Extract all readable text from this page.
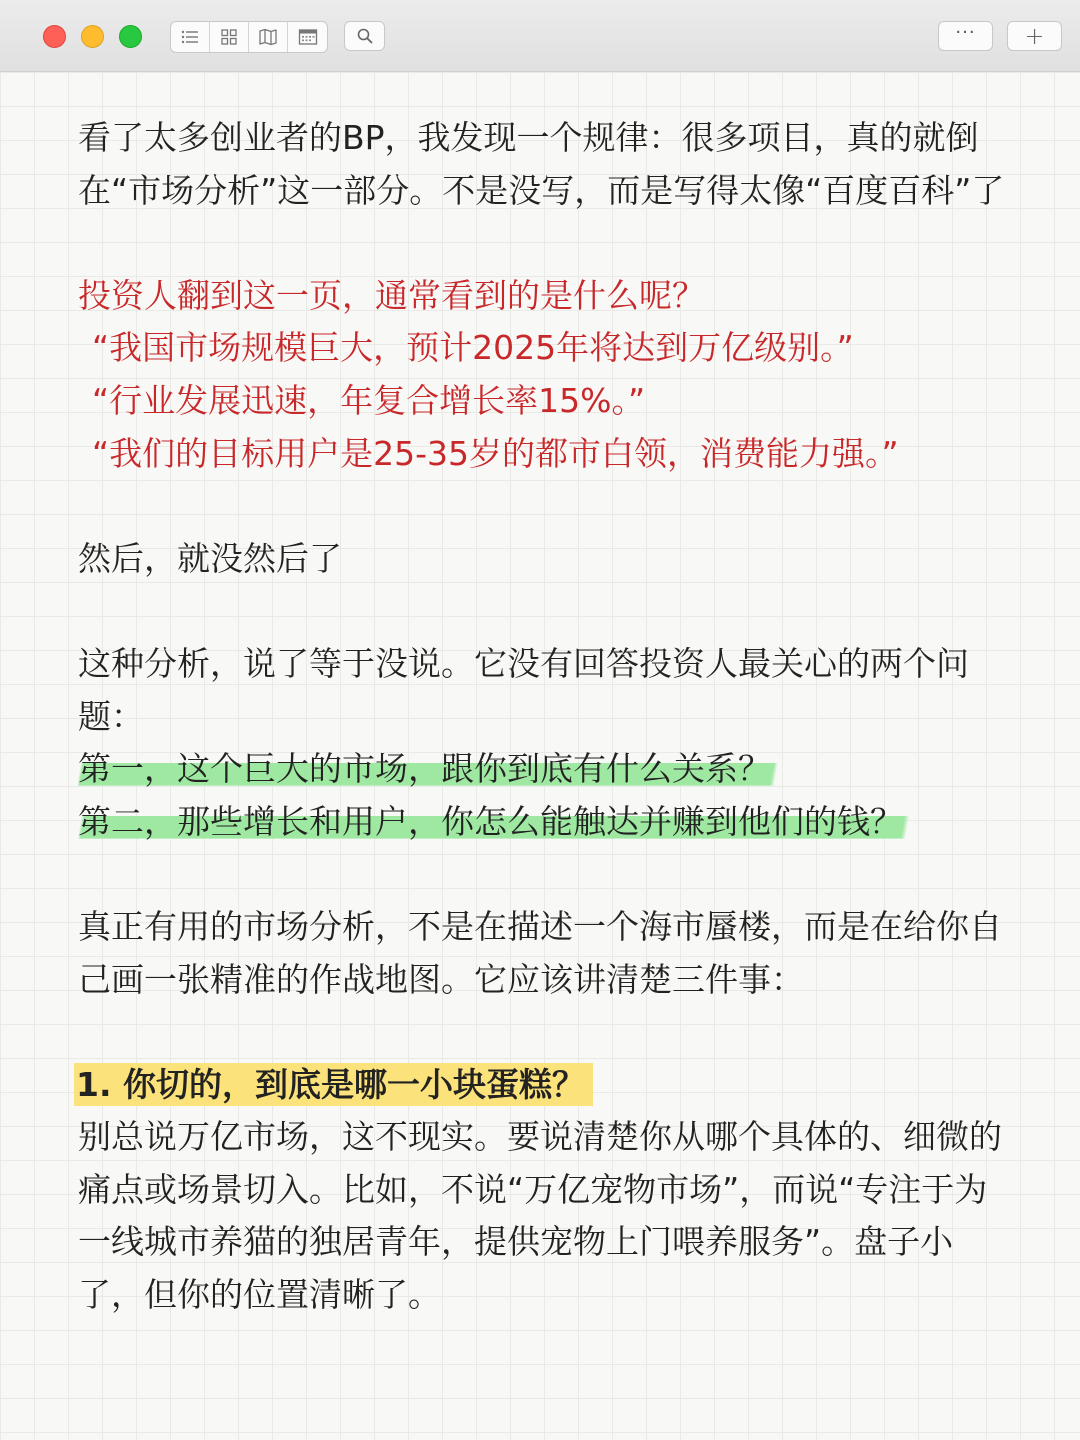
··· +

看了太多创业者的BP，我发现一个规律：很多项目，真的就倒在“市场分析”这一部分。不是没写，而是写得太像“百度百科”了

投资人翻到这一页，通常看到的是什么呢？

“我国市场规模巨大，预计2025年将达到万亿级别。”

“行业发展迅速，年复合增长率15%。”

“我们的目标用户是25-35岁的都市白领，消费能力强。”

然后，就没然后了

这种分析，说了等于没说。它没有回答投资人最关心的两个问题：

第一，这个巨大的市场，跟你到底有什么关系？

第二，那些增长和用户，你怎么能触达并赚到他们的钱？

真正有用的市场分析，不是在描述一个海市蜃楼，而是在给你自己画一张精准的作战地图。它应该讲清楚三件事：

1. 你切的，到底是哪一小块蛋糕？

别总说万亿市场，这不现实。要说清楚你从哪个具体的、细微的痛点或场景切入。比如，不说“万亿宠物市场”，而说“专注于为一线城市养猫的独居青年，提供宠物上门喂养服务”。盘子小了，但你的位置清晰了。
